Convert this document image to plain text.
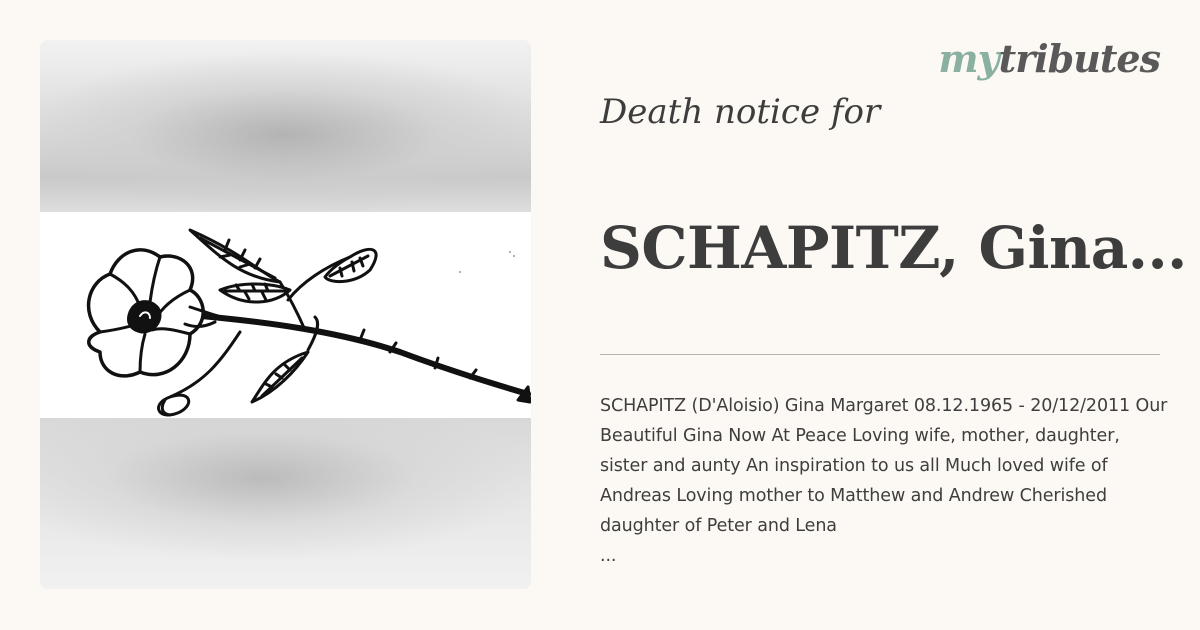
mytributes
Death notice for
SCHAPITZ, Gina...

SCHAPITZ (D'Aloisio) Gina Margaret 08.12.1965 - 20/12/2011 Our Beautiful Gina Now At Peace Loving wife, mother, daughter, sister and aunty An inspiration to us all Much loved wife of Andreas Loving mother to Matthew and Andrew Cherished daughter of Peter and Lena

...
